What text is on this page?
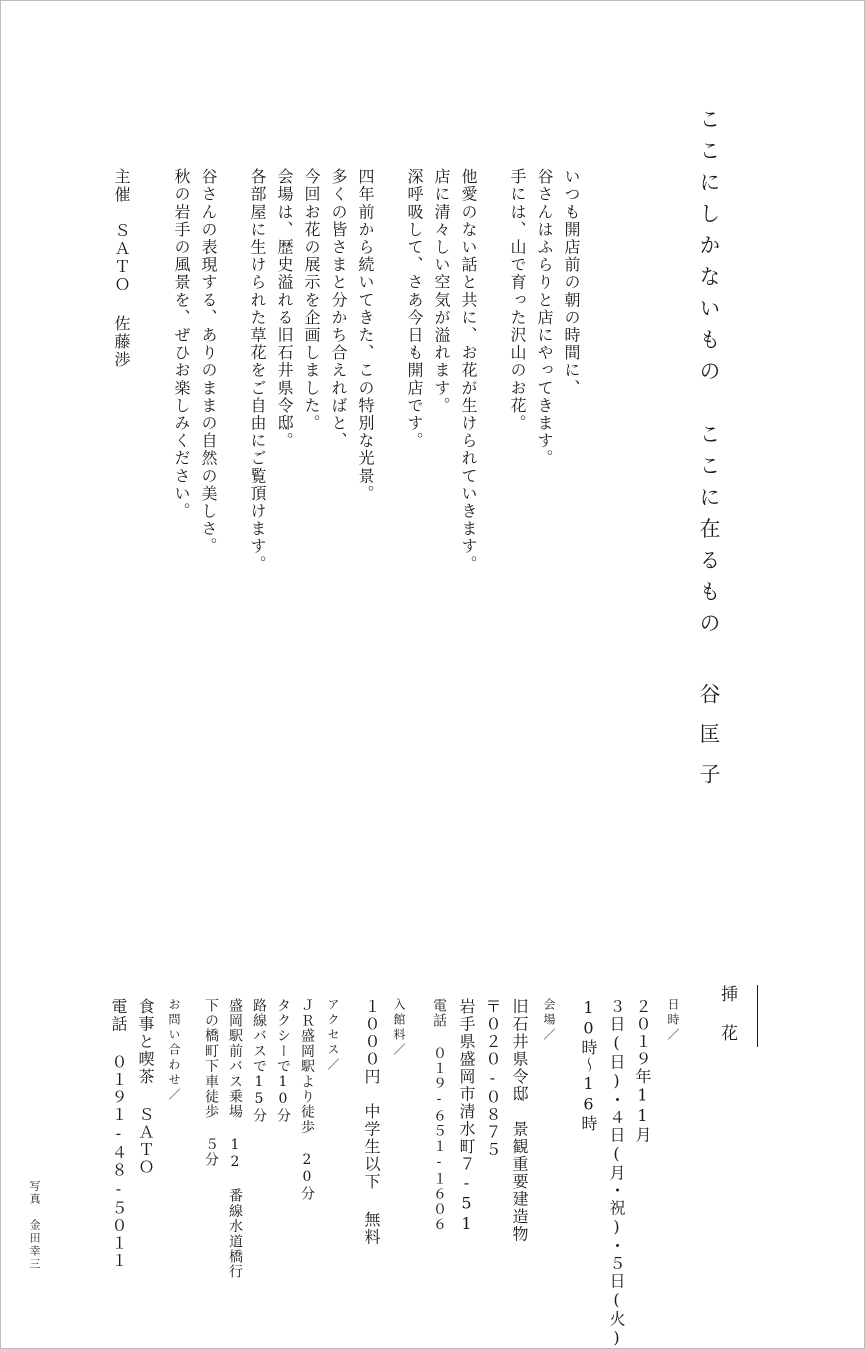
ここにしかないもの　ここに在るもの
谷匡子
いつも開店前の朝の時間に、
谷さんはふらりと店にやってきます。
手には、山で育った沢山のお花。
他愛のない話と共に、お花が生けられていきます。
店に清々しい空気が溢れます。
深呼吸して、さあ今日も開店です。
四年前から続いてきた、この特別な光景。
多くの皆さまと分かち合えればと、
今回お花の展示を企画しました。
会場は、歴史溢れる旧石井県令邸。
各部屋に生けられた草花をご自由にご覧頂けます。
谷さんの表現する、ありのままの自然の美しさ。
秋の岩手の風景を、ぜひお楽しみください。
主催　ＳＡＴＯ 佐藤渉
挿花
日時／
２０１９年11月
３日(日)・４日(月・祝)・５日(火)
10時〜16時
会場／
旧石井県令邸　景観重要建造物
〒０２０-０８７５
岩手県盛岡市清水町７-51
電話 ０１９-６５１-１６０６
入館料／
１０００円　中学生以下 無料
アクセス／
ＪＲ盛岡駅より徒歩 20分
タクシーで10分
路線バスで15分
盛岡駅前バス乗場 12 番線水道橋行
下の橋町下車徒歩 ５分
お問い合わせ／
食事と喫茶 ＳＡＴＯ
電話 ０１９１-４８-５０１１
写真　金田幸三
